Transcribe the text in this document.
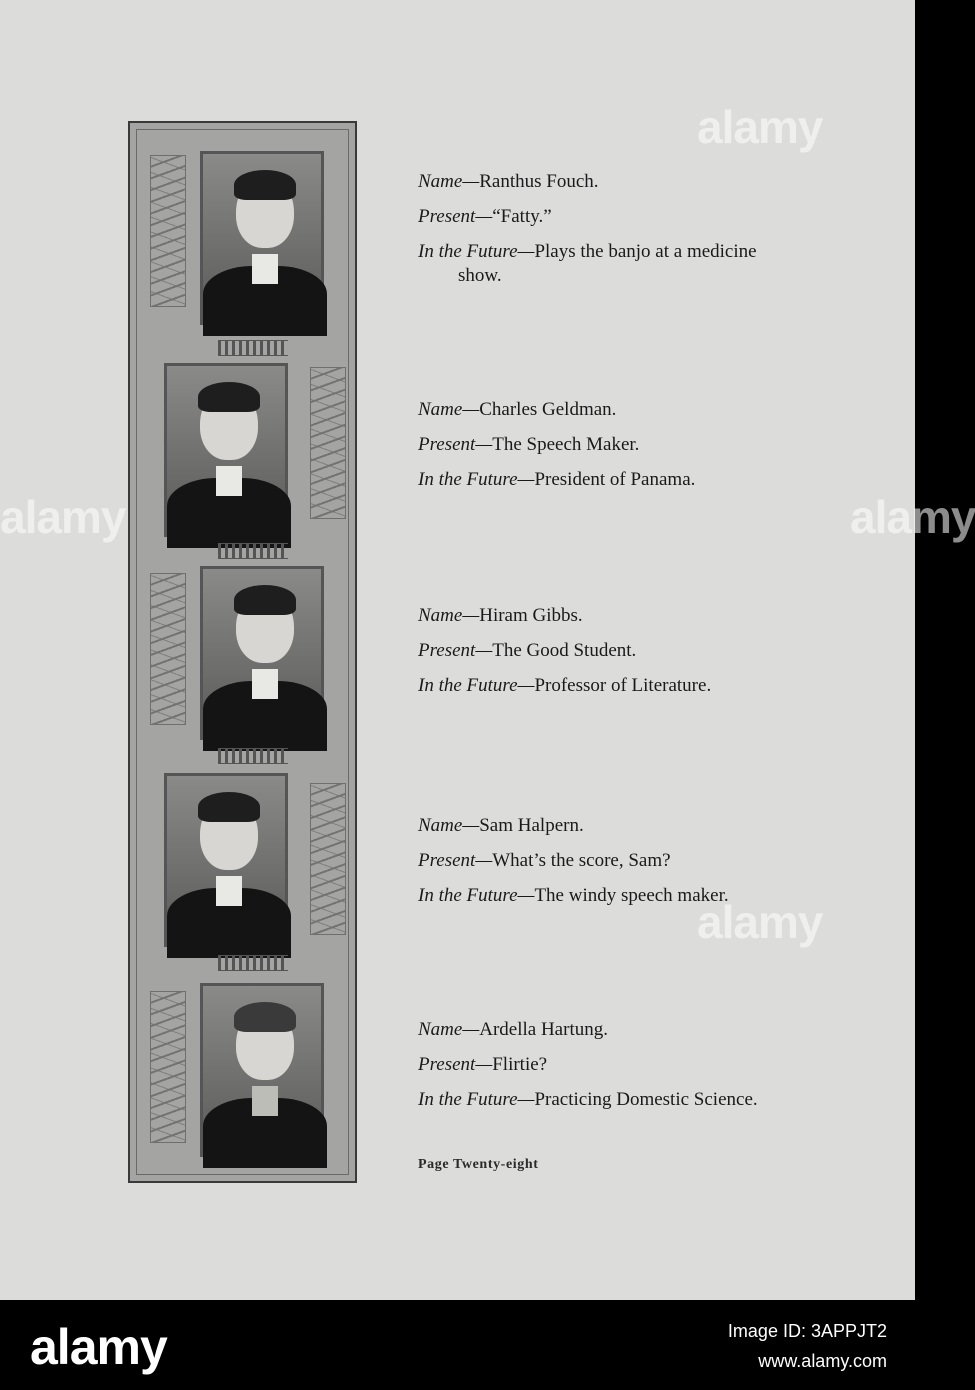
alamy
alamy	alamy
alamy
Name—Ranthus Fouch.
Present—“Fatty.”
In the Future—Plays the banjo at a medicine
show.
Name—Charles Geldman.
Present—The Speech Maker.
In the Future—President of Panama.
Name—Hiram Gibbs.
Present—The Good Student.
In the Future—Professor of Literature.
Name—Sam Halpern.
Present—What’s the score, Sam?
In the Future—The windy speech maker.
Name—Ardella Hartung.
Present—Flirtie?
In the Future—Practicing Domestic Science.
Page Twenty-eight
alamy	Image ID: 3APPJT2
www.alamy.com
